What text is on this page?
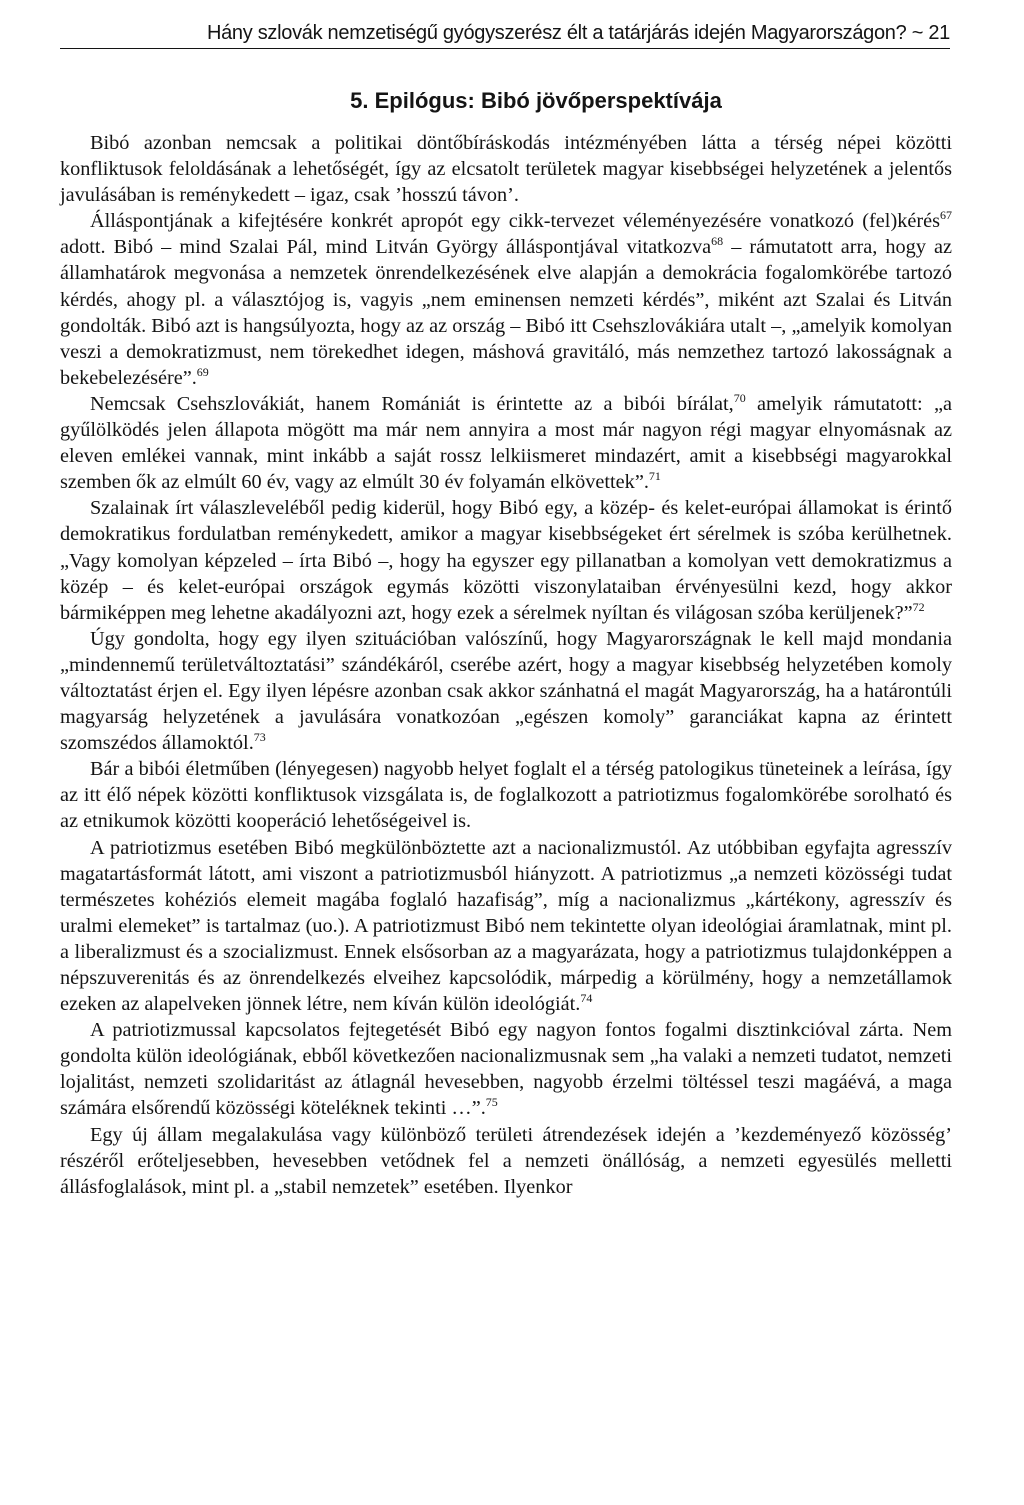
Hány szlovák nemzetiségű gyógyszerész élt a tatárjárás idején Magyarországon? ~ 21
5. Epilógus: Bibó jövőperspektívája

Bibó azonban nemcsak a politikai döntőbíráskodás intézményében látta a térség népei közötti konfliktusok feloldásának a lehetőségét, így az elcsatolt területek magyar kisebbségei helyzetének a jelentős javulásában is reménykedett – igaz, csak ’hosszú távon’.

Álláspontjának a kifejtésére konkrét apropót egy cikk-tervezet véleményezésére vonatkozó (fel)kérés$^{67}$ adott. Bibó – mind Szalai Pál, mind Litván György álláspontjával vitatkozva$^{68}$ – rámutatott arra, hogy az államhatárok megvonása a nemzetek önrendelkezésének elve alapján a demokrácia fogalomkörébe tartozó kérdés, ahogy pl. a választójog is, vagyis „nem eminensen nemzeti kérdés”, miként azt Szalai és Litván gondolták. Bibó azt is hangsúlyozta, hogy az az ország – Bibó itt Csehszlovákiára utalt –, „amelyik komolyan veszi a demokratizmust, nem törekedhet idegen, máshová gravitáló, más nemzethez tartozó lakosságnak a bekebelezésére”.$^{69}$

Nemcsak Csehszlovákiát, hanem Romániát is érintette az a bibói bírálat,$^{70}$ amelyik rámutatott: „a gyűlölködés jelen állapota mögött ma már nem annyira a most már nagyon régi magyar elnyomásnak az eleven emlékei vannak, mint inkább a saját rossz lelkiismeret mindazért, amit a kisebbségi magyarokkal szemben ők az elmúlt 60 év, vagy az elmúlt 30 év folyamán elkövettek”.$^{71}$

Szalainak írt válaszleveléből pedig kiderül, hogy Bibó egy, a közép- és kelet-európai államokat is érintő demokratikus fordulatban reménykedett, amikor a magyar kisebbségeket ért sérelmek is szóba kerülhetnek. „Vagy komolyan képzeled – írta Bibó –, hogy ha egyszer egy pillanatban a komolyan vett demokratizmus a közép – és kelet-európai országok egymás közötti viszonylataiban érvényesülni kezd, hogy akkor bármiképpen meg lehetne akadályozni azt, hogy ezek a sérelmek nyíltan és világosan szóba kerüljenek?”$^{72}$

Úgy gondolta, hogy egy ilyen szituációban valószínű, hogy Magyarországnak le kell majd mondania „mindennemű területváltoztatási” szándékáról, cserébe azért, hogy a magyar kisebbség helyzetében komoly változtatást érjen el. Egy ilyen lépésre azonban csak akkor szánhatná el magát Magyarország, ha a határontúli magyarság helyzetének a javulására vonatkozóan „egészen komoly” garanciákat kapna az érintett szomszédos államoktól.$^{73}$

Bár a bibói életműben (lényegesen) nagyobb helyet foglalt el a térség patologikus tüneteinek a leírása, így az itt élő népek közötti konfliktusok vizsgálata is, de foglalkozott a patriotizmus fogalomkörébe sorolható és az etnikumok közötti kooperáció lehetőségeivel is.

A patriotizmus esetében Bibó megkülönböztette azt a nacionalizmustól. Az utóbbiban egyfajta agresszív magatartásformát látott, ami viszont a patriotizmusból hiányzott. A patriotizmus „a nemzeti közösségi tudat természetes kohéziós elemeit magába foglaló hazafiság”, míg a nacionalizmus „kártékony, agresszív és uralmi elemeket” is tartalmaz (uo.). A patriotizmust Bibó nem tekintette olyan ideológiai áramlatnak, mint pl. a liberalizmust és a szocializmust. Ennek elsősorban az a magyarázata, hogy a patriotizmus tulajdonképpen a népszuverenitás és az önrendelkezés elveihez kapcsolódik, márpedig a körülmény, hogy a nemzetállamok ezeken az alapelveken jönnek létre, nem kíván külön ideológiát.$^{74}$

A patriotizmussal kapcsolatos fejtegetését Bibó egy nagyon fontos fogalmi disztinkcióval zárta. Nem gondolta külön ideológiának, ebből következően nacionalizmusnak sem „ha valaki a nemzeti tudatot, nemzeti lojalitást, nemzeti szolidaritást az átlagnál hevesebben, nagyobb érzelmi töltéssel teszi magáévá, a maga számára elsőrendű közösségi köteléknek tekinti …”.$^{75}$

Egy új állam megalakulása vagy különböző területi átrendezések idején a ’kezdeményező közösség’ részéről erőteljesebben, hevesebben vetődnek fel a nemzeti önállóság, a nemzeti egyesülés melletti állásfoglalások, mint pl. a „stabil nemzetek” esetében. Ilyenkor
